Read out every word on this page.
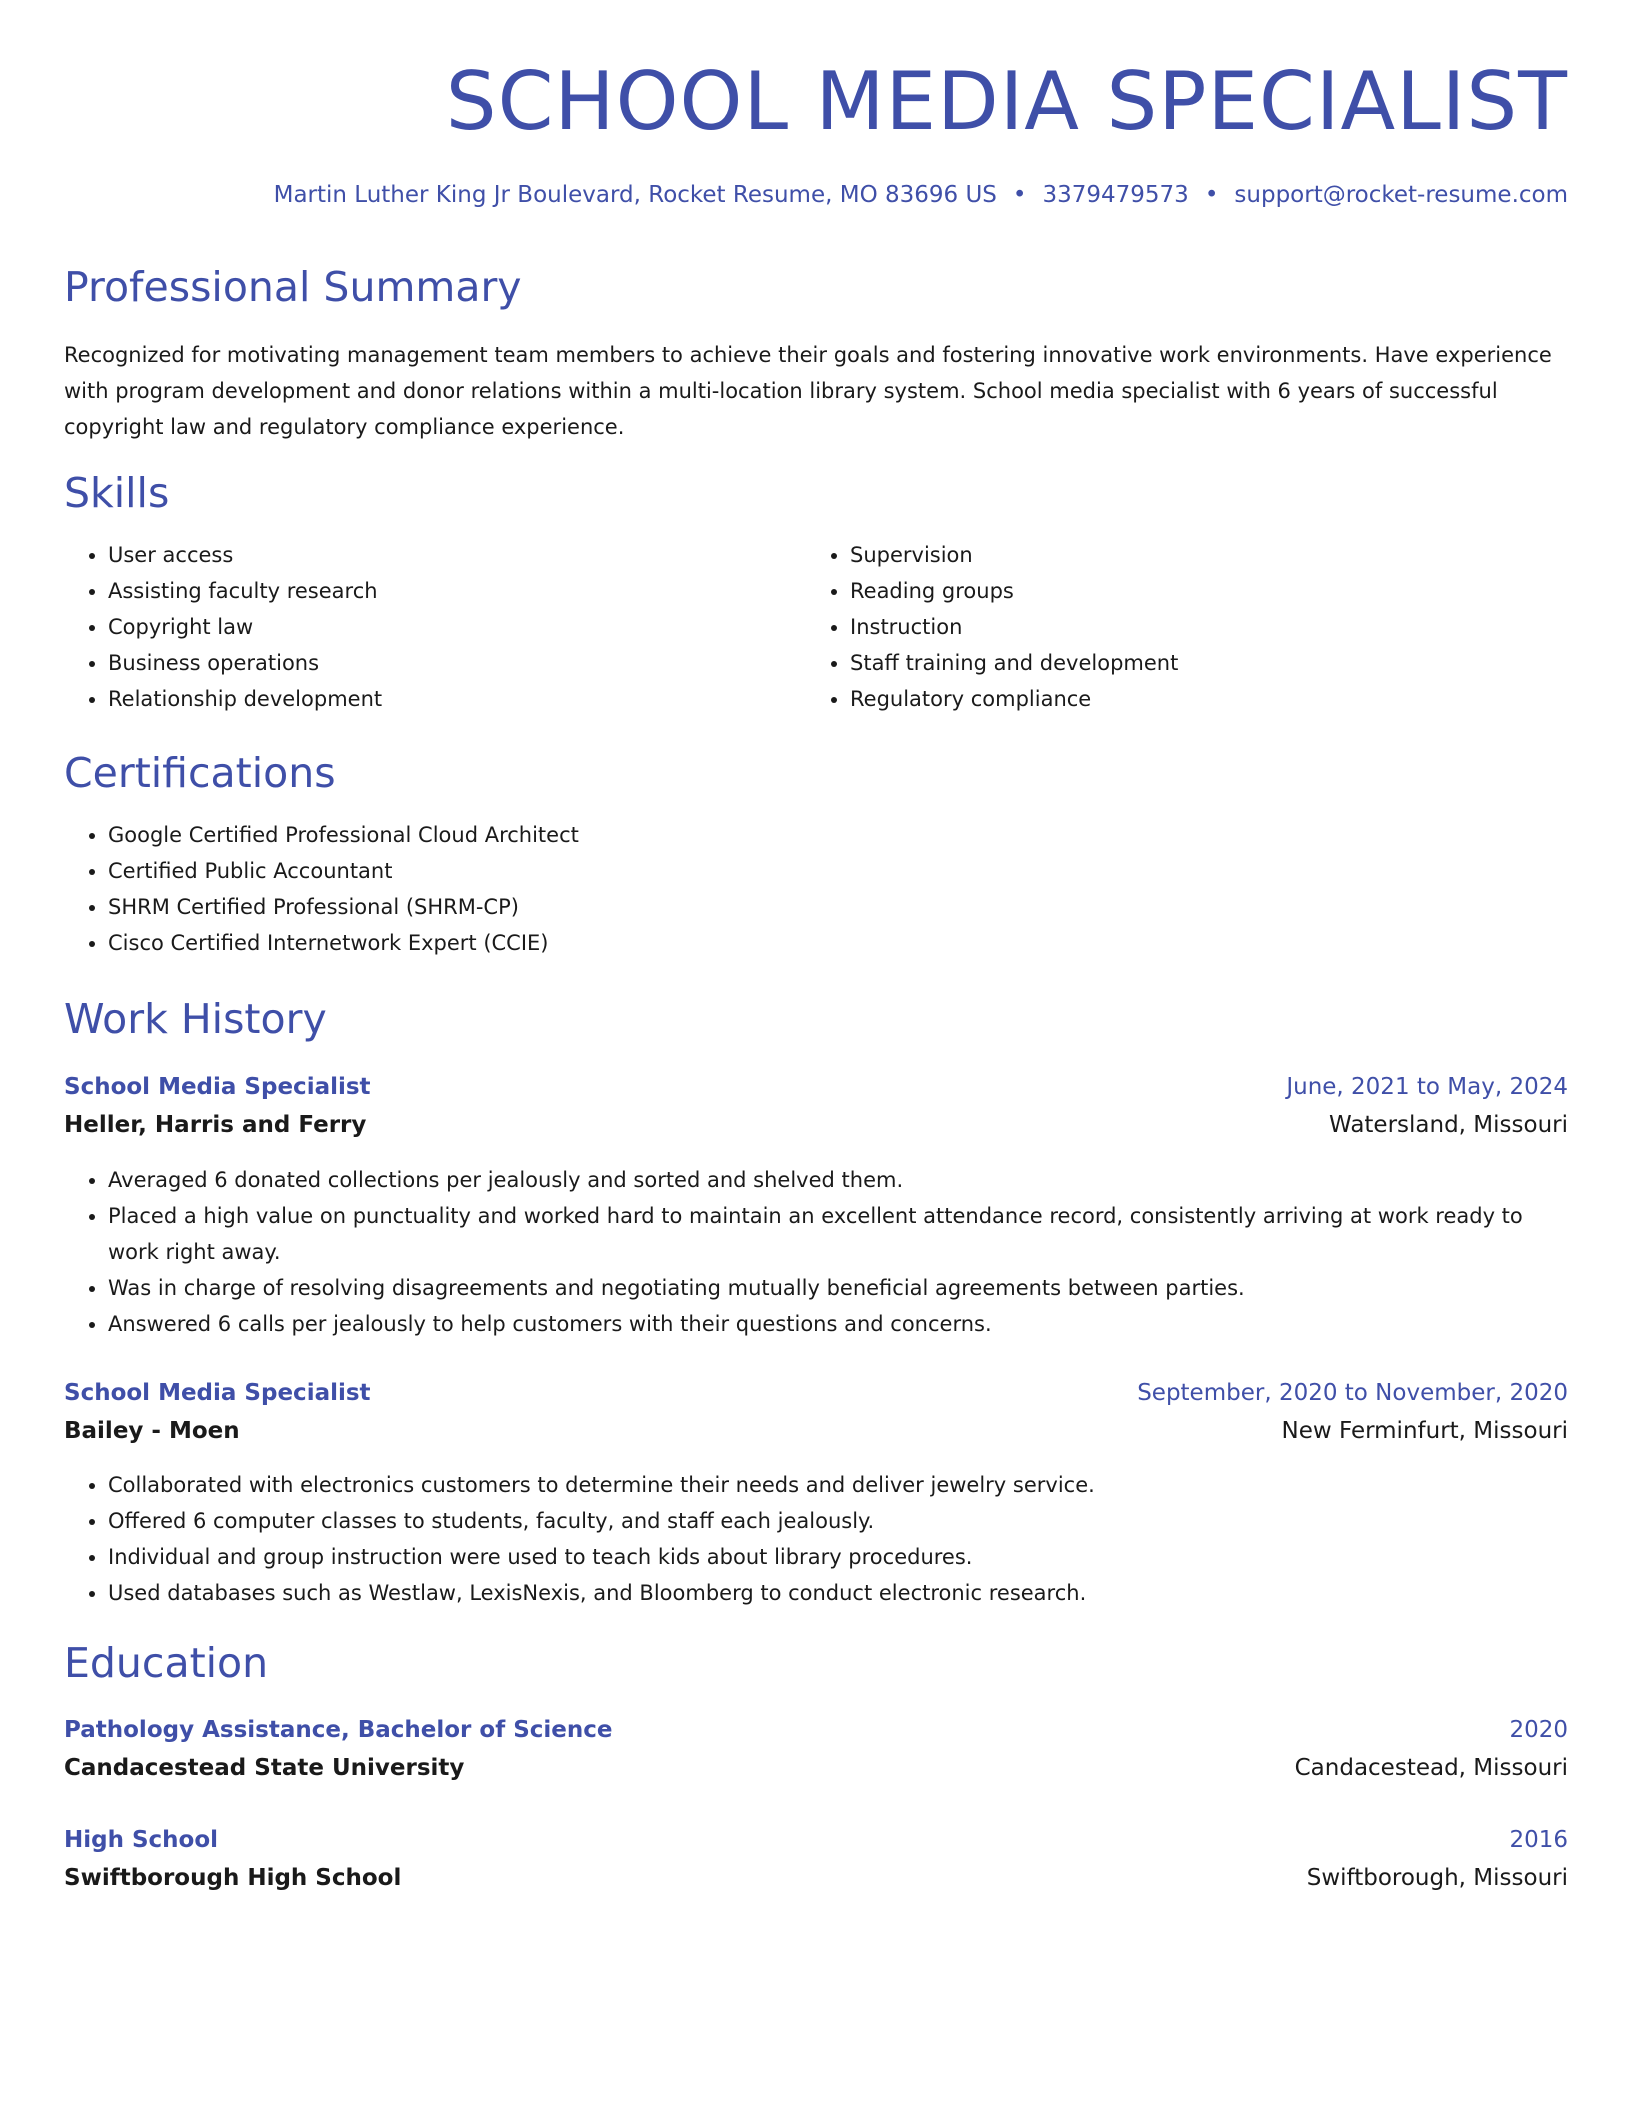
SCHOOL MEDIA SPECIALIST
Martin Luther King Jr Boulevard, Rocket Resume, MO 83696 US • 3379479573 • support@rocket-resume.com
Professional Summary

Recognized for motivating management team members to achieve their goals and fostering innovative work environments. Have experience with program development and donor relations within a multi-location library system. School media specialist with 6 years of successful copyright law and regulatory compliance experience.

Skills
• User access
• Assisting faculty research
• Copyright law
• Business operations
• Relationship development
• Supervision
• Reading groups
• Instruction
• Staff training and development
• Regulatory compliance
Certifications
• Google Certified Professional Cloud Architect
• Certified Public Accountant
• SHRM Certified Professional (SHRM-CP)
• Cisco Certified Internetwork Expert (CCIE)
Work History
School Media Specialist	June, 2021 to May, 2024
Heller, Harris and Ferry	Watersland, Missouri
• Averaged 6 donated collections per jealously and sorted and shelved them.
• Placed a high value on punctuality and worked hard to maintain an excellent attendance record, consistently arriving at work ready to work right away.
• Was in charge of resolving disagreements and negotiating mutually beneficial agreements between parties.
• Answered 6 calls per jealously to help customers with their questions and concerns.
School Media Specialist	September, 2020 to November, 2020
Bailey - Moen	New Ferminfurt, Missouri
• Collaborated with electronics customers to determine their needs and deliver jewelry service.
• Offered 6 computer classes to students, faculty, and staff each jealously.
• Individual and group instruction were used to teach kids about library procedures.
• Used databases such as Westlaw, LexisNexis, and Bloomberg to conduct electronic research.
Education
Pathology Assistance, Bachelor of Science	2020
Candacestead State University	Candacestead, Missouri
High School	2016
Swiftborough High School	Swiftborough, Missouri
